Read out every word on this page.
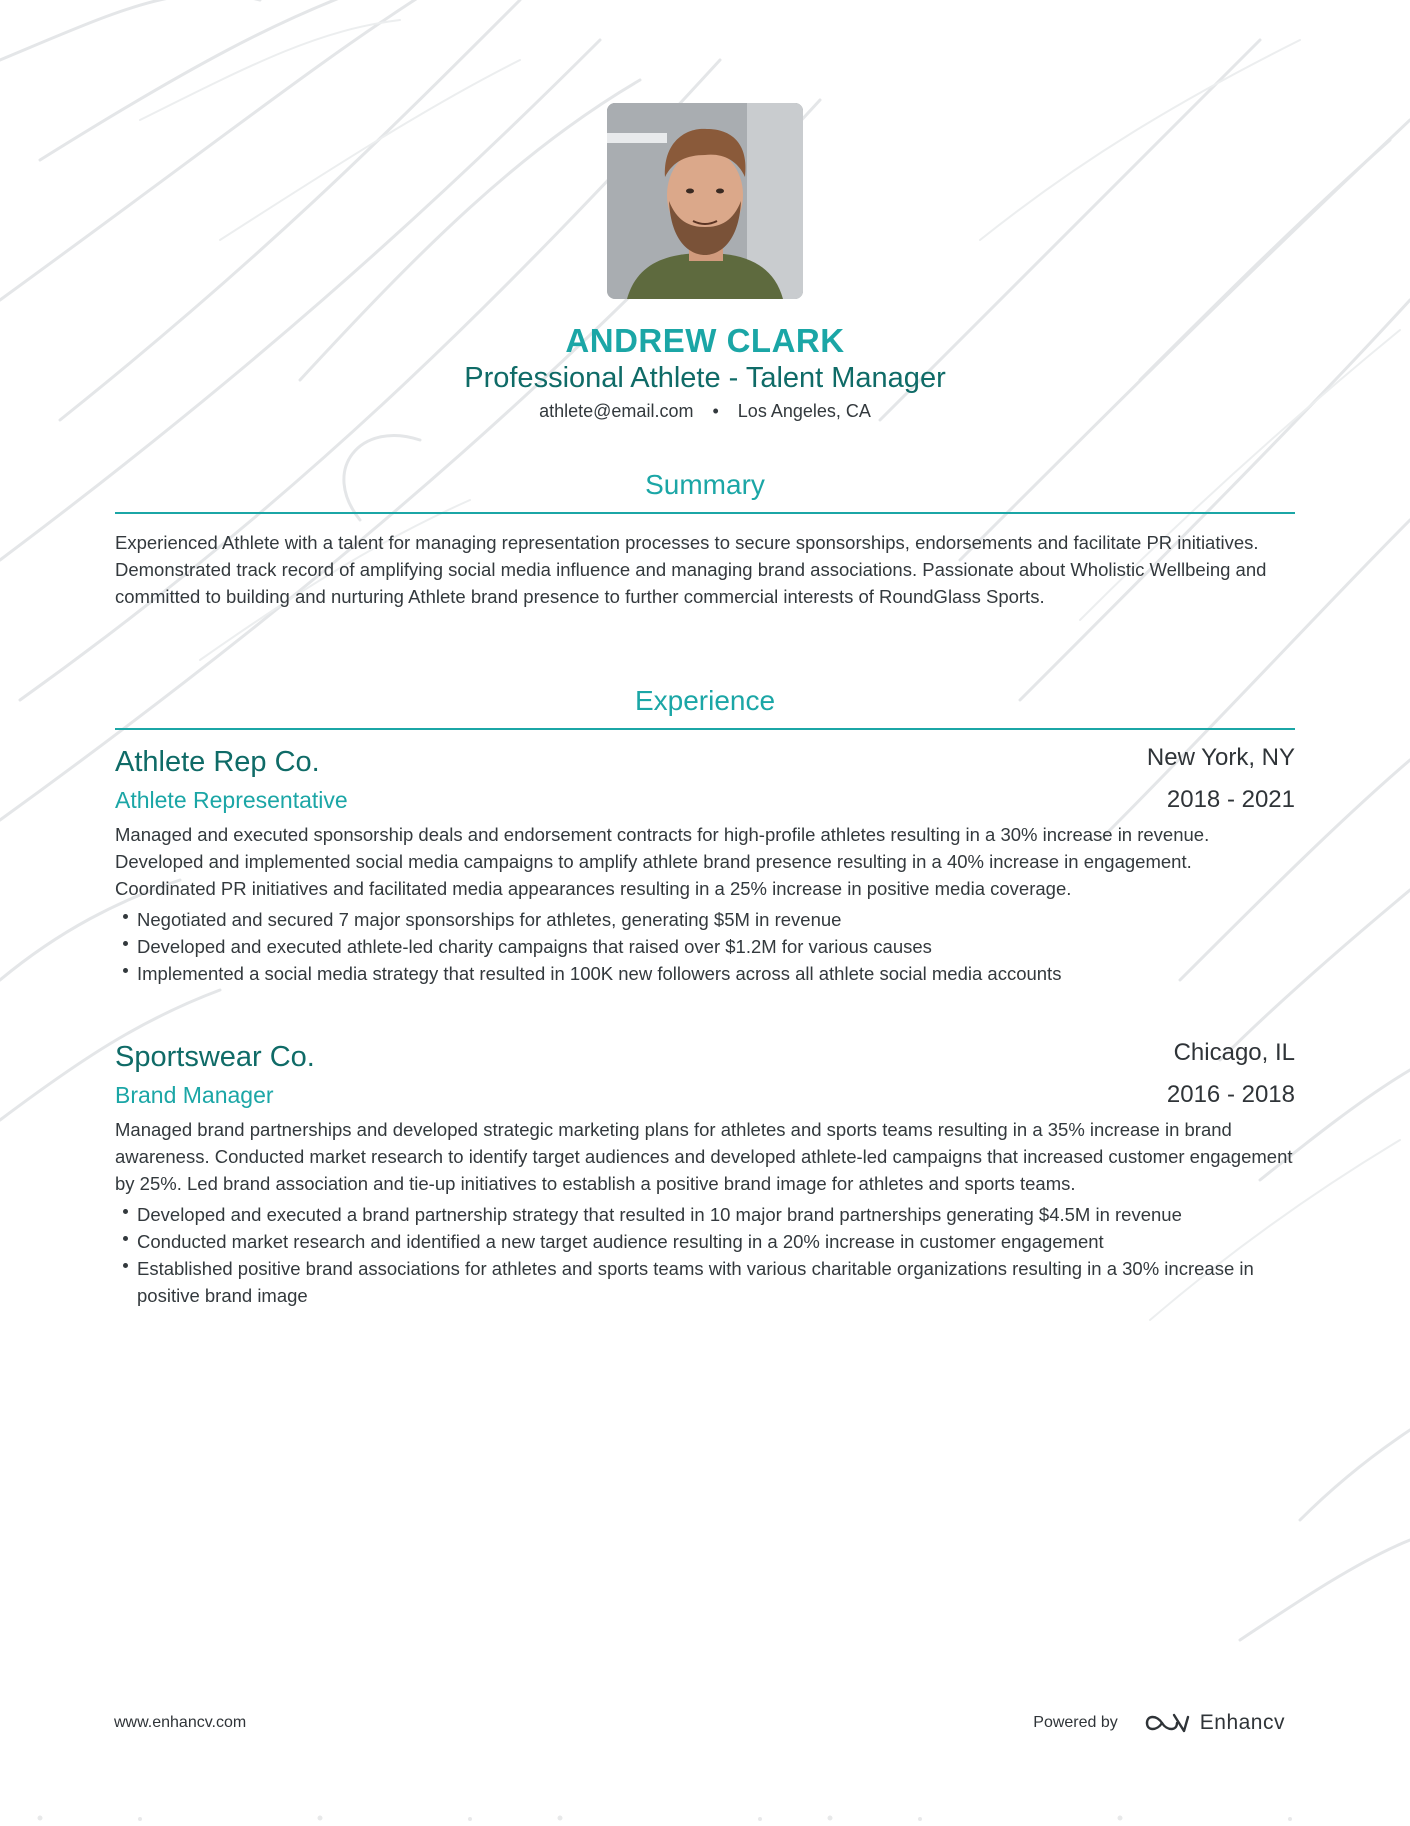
ANDREW CLARK
Professional Athlete - Talent Manager
athlete@email.com • Los Angeles, CA
Summary
Experienced Athlete with a talent for managing representation processes to secure sponsorships, endorsements and facilitate PR initiatives. Demonstrated track record of amplifying social media influence and managing brand associations. Passionate about Wholistic Wellbeing and committed to building and nurturing Athlete brand presence to further commercial interests of RoundGlass Sports.
Experience
Athlete Rep Co.	New York, NY
Athlete Representative	2018 - 2021
Managed and executed sponsorship deals and endorsement contracts for high-profile athletes resulting in a 30% increase in revenue. Developed and implemented social media campaigns to amplify athlete brand presence resulting in a 40% increase in engagement. Coordinated PR initiatives and facilitated media appearances resulting in a 25% increase in positive media coverage.
Negotiated and secured 7 major sponsorships for athletes, generating $5M in revenue
Developed and executed athlete-led charity campaigns that raised over $1.2M for various causes
Implemented a social media strategy that resulted in 100K new followers across all athlete social media accounts
Sportswear Co.	Chicago, IL
Brand Manager	2016 - 2018
Managed brand partnerships and developed strategic marketing plans for athletes and sports teams resulting in a 35% increase in brand awareness. Conducted market research to identify target audiences and developed athlete-led campaigns that increased customer engagement by 25%. Led brand association and tie-up initiatives to establish a positive brand image for athletes and sports teams.
Developed and executed a brand partnership strategy that resulted in 10 major brand partnerships generating $4.5M in revenue
Conducted market research and identified a new target audience resulting in a 20% increase in customer engagement
Established positive brand associations for athletes and sports teams with various charitable organizations resulting in a 30% increase in positive brand image
www.enhancv.com	Powered by	Enhancv
